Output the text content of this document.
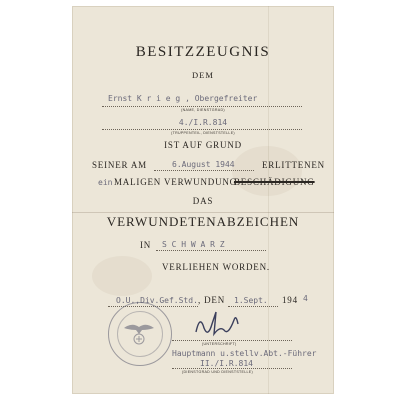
BESITZZEUGNIS
DEM
Ernst K r i e g , Obergefreiter
(NAME, DIENSTGRAD)
4./I.R.814
(TRUPPENTEIL, DIENSTSTELLE)
IST AUF GRUND
SEINER AM	6.August 1944	ERLITTENEN
ein MALIGEN VERWUNDUNG –
BESCHÄDIGUNG
DAS
VERWUNDETENABZEICHEN
IN S C H W A R Z
VERLIEHEN WORDEN.
O.U.,Div.Gef.Std. , DEN 1.Sept. 194 4
(UNTERSCHRIFT)
Hauptmann u.stellv.Abt.-Führer
II./I.R.814
(DIENSTGRAD UND DIENSTSTELLE)
